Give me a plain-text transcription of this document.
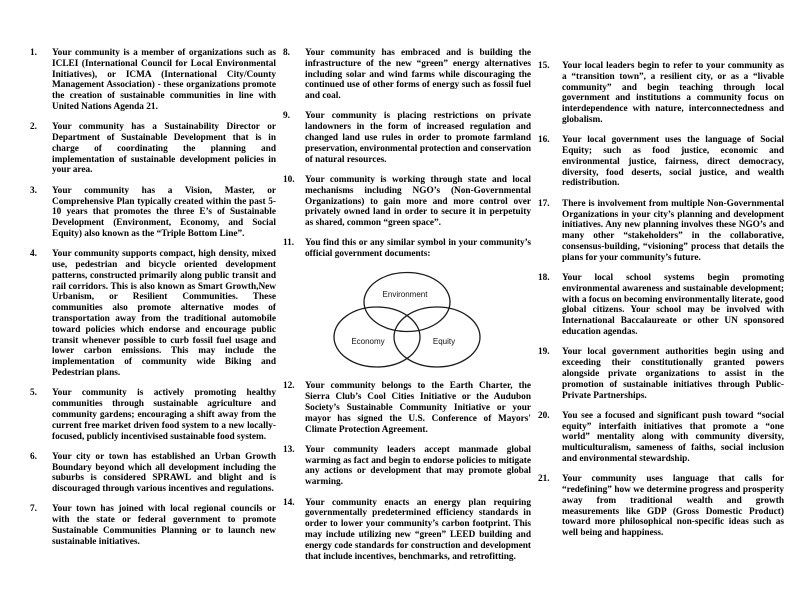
1.	Your community is a member of organizations such as ICLEI (International Council for Local Environmental Initiatives), or ICMA (International City/County Management Association) - these organizations promote the creation of sustainable communities in line with United Nations Agenda 21.
2.	Your community has a Sustainability Director or Department of Sustainable Development that is in charge of coordinating the planning and implementation of sustainable development policies in your area.
3.	Your community has a Vision, Master, or Comprehensive Plan typically created within the past 5-10 years that promotes the three E’s of Sustainable Development (Environment, Economy, and Social Equity) also known as the “Triple Bottom Line”.
4.	Your community supports compact, high density, mixed use, pedestrian and bicycle oriented development patterns, constructed primarily along public transit and rail corridors. This is also known as Smart Growth,New Urbanism, or Resilient Communities. These communities also promote alternative modes of transportation away from the traditional automobile toward policies which endorse and encourage public transit whenever possible to curb fossil fuel usage and lower carbon emissions. This may include the implementation of community wide Biking and Pedestrian plans.
5.	Your community is actively promoting healthy communities through sustainable agriculture and community gardens; encouraging a shift away from the current free market driven food system to a new locally-focused, publicly incentivised sustainable food system.
6.	Your city or town has established an Urban Growth Boundary beyond which all development including the suburbs is considered SPRAWL and blight and is discouraged through various incentives and regulations.
7.	Your town has joined with local regional councils or with the state or federal government to promote Sustainable Communities Planning or to launch new sustainable initiatives.
8.	Your community has embraced and is building the infrastructure of the new “green” energy alternatives including solar and wind farms while discouraging the continued use of other forms of energy such as fossil fuel and coal.
9.	Your community is placing restrictions on private landowners in the form of increased regulation and changed land use rules in order to promote farmland preservation, environmental protection and conservation of natural resources.
10.	Your community is working through state and local mechanisms including NGO’s (Non-Governmental Organizations) to gain more and more control over privately owned land in order to secure it in perpetuity as shared, common “green space”.
11.	You find this or any similar symbol in your community’s official government documents:
Environment
Economy	Equity
12.	Your community belongs to the Earth Charter, the Sierra Club’s Cool Cities Initiative or the Audubon Society’s Sustainable Community Initiative or your mayor has signed the U.S. Conference of Mayors' Climate Protection Agreement.
13.	Your community leaders accept manmade global warming as fact and begin to endorse policies to mitigate any actions or development that may promote global warming.
14.	Your community enacts an energy plan requiring governmentally predetermined efficiency standards in order to lower your community’s carbon footprint. This may include utilizing new “green” LEED building and energy code standards for construction and development that include incentives, benchmarks, and retrofitting.
15.	Your local leaders begin to refer to your community as a “transition town”, a resilient city, or as a “livable community” and begin teaching through local government and institutions a community focus on interdependence with nature, interconnectedness and globalism.
16.	Your local government uses the language of Social Equity; such as food justice, economic and environmental justice, fairness, direct democracy, diversity, food deserts, social justice, and wealth redistribution.
17.	There is involvement from multiple Non-Governmental Organizations in your city’s planning and development initiatives. Any new planning involves these NGO’s and many other “stakeholders” in the collaborative, consensus-building, “visioning” process that details the plans for your community’s future.
18.	Your local school systems begin promoting environmental awareness and sustainable development; with a focus on becoming environmentally literate, good global citizens. Your school may be involved with International Baccalaureate or other UN sponsored education agendas.
19.	Your local government authorities begin using and exceeding their constitutionally granted powers alongside private organizations to assist in the promotion of sustainable initiatives through Public-Private Partnerships.
20.	You see a focused and significant push toward “social equity” interfaith initiatives that promote a “one world” mentality along with community diversity, multiculturalism, sameness of faiths, social inclusion and environmental stewardship.
21.	Your community uses language that calls for “redefining” how we determine progress and prosperity away from traditional wealth and growth measurements like GDP (Gross Domestic Product) toward more philosophical non-specific ideas such as well being and happiness.
